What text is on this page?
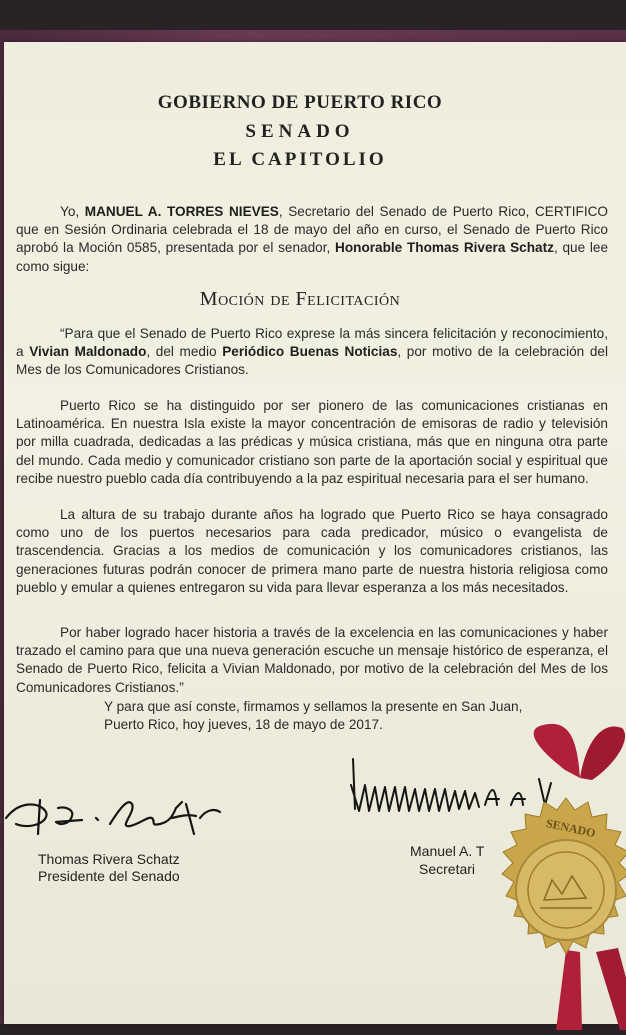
GOBIERNO DE PUERTO RICO
SENADO
EL CAPITOLIO

Yo, MANUEL A. TORRES NIEVES, Secretario del Senado de Puerto Rico, CERTIFICO que en Sesión Ordinaria celebrada el 18 de mayo del año en curso, el Senado de Puerto Rico aprobó la Moción 0585, presentada por el senador, Honorable Thomas Rivera Schatz, que lee como sigue:

Moción de Felicitación

“Para que el Senado de Puerto Rico exprese la más sincera felicitación y reconocimiento, a Vivian Maldonado, del medio Periódico Buenas Noticias, por motivo de la celebración del Mes de los Comunicadores Cristianos.

Puerto Rico se ha distinguido por ser pionero de las comunicaciones cristianas en Latinoamérica. En nuestra Isla existe la mayor concentración de emisoras de radio y televisión por milla cuadrada, dedicadas a las prédicas y música cristiana, más que en ninguna otra parte del mundo. Cada medio y comunicador cristiano son parte de la aportación social y espiritual que recibe nuestro pueblo cada día contribuyendo a la paz espiritual necesaria para el ser humano.

La altura de su trabajo durante años ha logrado que Puerto Rico se haya consagrado como uno de los puertos necesarios para cada predicador, músico o evangelista de trascendencia. Gracias a los medios de comunicación y los comunicadores cristianos, las generaciones futuras podrán conocer de primera mano parte de nuestra historia religiosa como pueblo y emular a quienes entregaron su vida para llevar esperanza a los más necesitados.

Por haber logrado hacer historia a través de la excelencia en las comunicaciones y haber trazado el camino para que una nueva generación escuche un mensaje histórico de esperanza, el Senado de Puerto Rico, felicita a Vivian Maldonado, por motivo de la celebración del Mes de los Comunicadores Cristianos.”

Y para que así conste, firmamos y sellamos la presente en San Juan,
Puerto Rico, hoy jueves, 18 de mayo de 2017.
Thomas Rivera Schatz
Presidente del Senado
Manuel A. T
Secretari
SENADO
